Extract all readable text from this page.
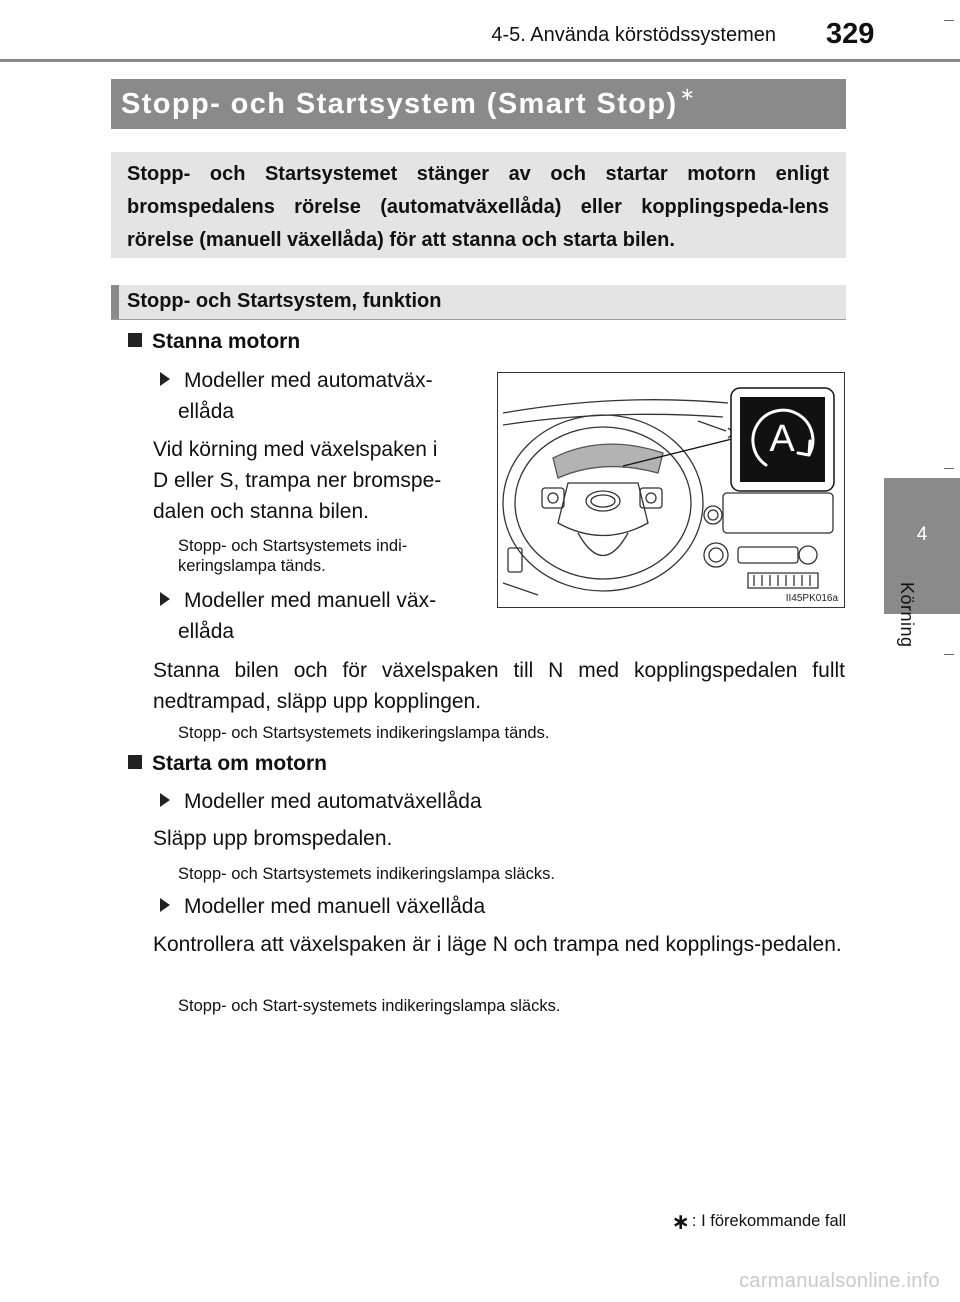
4-5. Använda körstödssystemen 329
4
Körning
Stopp- och Startsystem (Smart Stop) ∗
Stopp- och Startsystemet stänger av och startar motorn enligt bromspedalens rörelse (automatväxellåda) eller kopplingspeda-lens rörelse (manuell växellåda) för att stanna och starta bilen.
Stopp- och Startsystem, funktion
Stanna motorn
Modeller med automatväx-
ellåda
Vid körning med växelspaken i
D eller S, trampa ner bromspe-
dalen och stanna bilen.
Stopp- och Startsystemets indi-
keringslampa tänds.
Modeller med manuell väx-
ellåda
Stanna bilen och för växelspaken till N med kopplingspedalen fullt nedtrampad, släpp upp kopplingen.
Stopp- och Startsystemets indikeringslampa tänds.
Starta om motorn
Modeller med automatväxellåda
Släpp upp bromspedalen.
Stopp- och Startsystemets indikeringslampa släcks.
Modeller med manuell växellåda
Kontrollera att växelspaken är i läge N och trampa ned kopplings-pedalen.
Stopp- och Start-systemets indikeringslampa släcks.
A
II45PK016a
∗ : I förekommande fall
carmanualsonline.info
